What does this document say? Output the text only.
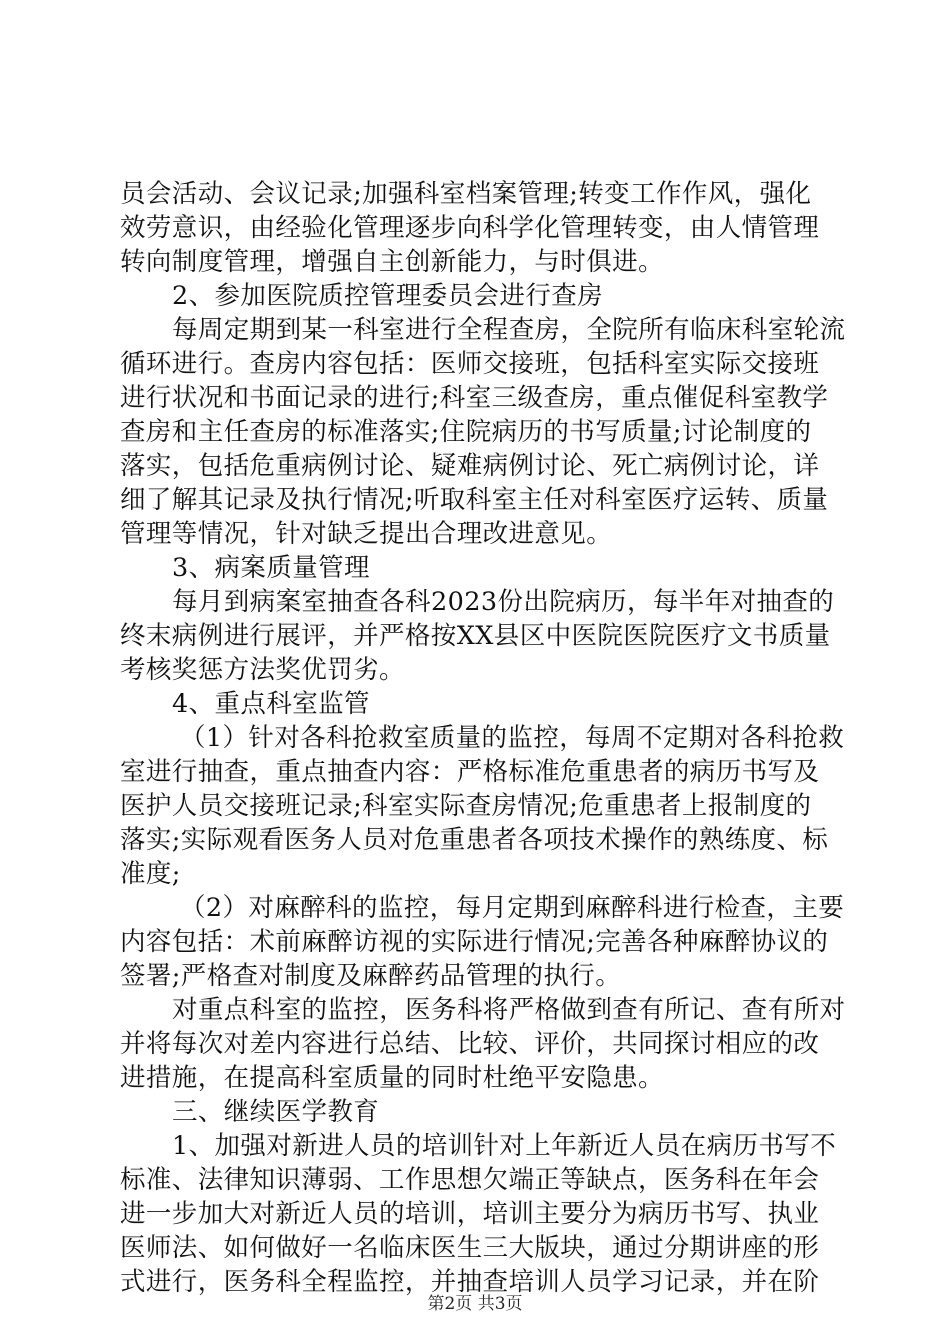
员会活动、会议记录;加强科室档案管理;转变工作作风，强化
效劳意识，由经验化管理逐步向科学化管理转变，由人情管理
转向制度管理，增强自主创新能力，与时俱进。
2、参加医院质控管理委员会进行查房
每周定期到某一科室进行全程查房，全院所有临床科室轮流
循环进行。查房内容包括：医师交接班，包括科室实际交接班
进行状况和书面记录的进行;科室三级查房，重点催促科室教学
查房和主任查房的标准落实;住院病历的书写质量;讨论制度的
落实，包括危重病例讨论、疑难病例讨论、死亡病例讨论，详
细了解其记录及执行情况;听取科室主任对科室医疗运转、质量
管理等情况，针对缺乏提出合理改进意见。
3、病案质量管理
每月到病案室抽查各科2023份出院病历，每半年对抽查的
终末病例进行展评，并严格按XX县区中医院医院医疗文书质量
考核奖惩方法奖优罚劣。
4、重点科室监管
（1）针对各科抢救室质量的监控，每周不定期对各科抢救
室进行抽查，重点抽查内容：严格标准危重患者的病历书写及
医护人员交接班记录;科室实际查房情况;危重患者上报制度的
落实;实际观看医务人员对危重患者各项技术操作的熟练度、标
准度;
（2）对麻醉科的监控，每月定期到麻醉科进行检查，主要
内容包括：术前麻醉访视的实际进行情况;完善各种麻醉协议的
签署;严格查对制度及麻醉药品管理的执行。
对重点科室的监控，医务科将严格做到查有所记、查有所对
并将每次对差内容进行总结、比较、评价，共同探讨相应的改
进措施，在提高科室质量的同时杜绝平安隐患。
三、继续医学教育
1、加强对新进人员的培训针对上年新近人员在病历书写不
标准、法律知识薄弱、工作思想欠端正等缺点，医务科在年会
进一步加大对新近人员的培训，培训主要分为病历书写、执业
医师法、如何做好一名临床医生三大版块，通过分期讲座的形
式进行，医务科全程监控，并抽查培训人员学习记录，并在阶
第2页 共3页
